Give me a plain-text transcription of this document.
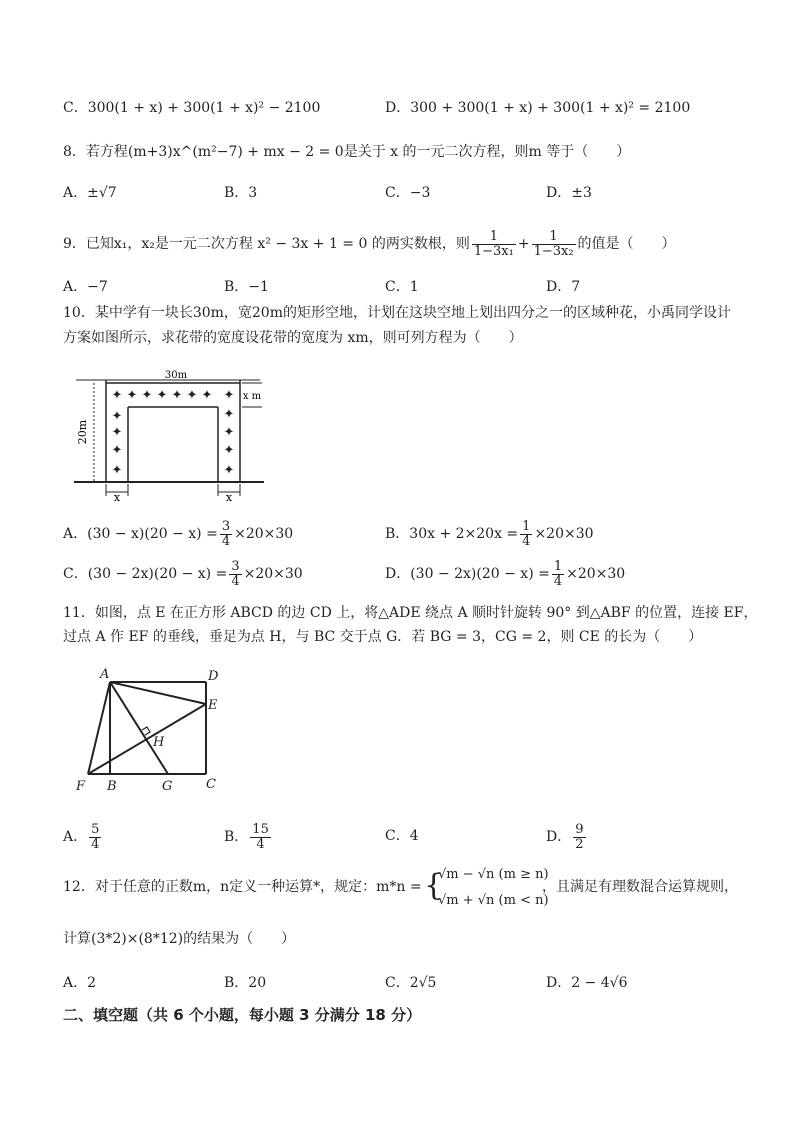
C．300(1 + x) + 300(1 + x)² − 2100	D．300 + 300(1 + x) + 300(1 + x)² = 2100
8．若方程(m+3)x^(m²−7) + mx − 2 = 0是关于 x 的一元二次方程，则m 等于（　　）
A．±√7	B．3	C．−3	D．±3
9．已知x₁，x₂是一元二次方程 x² − 3x + 1 = 0 的两实数根，则 $\frac{1}{\text{1−3x₁}} + \frac{1}{\text{1−3x₂}}$ 的值是（　　）
A．−7	B．−1	C．1	D．7
10．某中学有一块长30m，宽20m的矩形空地，计划在这块空地上划出四分之一的区域种花，小禹同学设计
方案如图所示，求花带的宽度设花带的宽度为 xm，则可列方程为（　　）
✦ ✦ ✦ ✦ ✦ ✦ ✦ ✦
✦
✦
✦
✦
✦
✦
✦
✦
30m
20m
x m
x	x
A．$(30 - x)(20 - x) = \frac{3}{4} \times 20\times 30$	B．$30x + 2\times 20x = \frac{1}{4} \times 20\times 30$
C．$(30 - 2x)(20 - x) = \frac{3}{4} \times 20\times 30$	D．$(30 - 2x)(20 - x) = \frac{1}{4} \times 20\times 30$
11．如图，点 E 在正方形 ABCD 的边 CD 上，将△ADE 绕点 A 顺时针旋转 90° 到△ABF 的位置，连接 EF，
过点 A 作 EF 的垂线，垂足为点 H，与 BC 交于点 G．若 BG = 3，CG = 2，则 CE 的长为（　　）
A	D
E
H
F B	G	C
A． $\frac{5}{4}$	B． $\frac{15}{4}$	C．4	D． $\frac{9}{2}$
12．对于任意的正数m，n定义一种运算*，规定：m*n = {
√m − √n (m ≥ n)
√m + √n (m < n)
，且满足有理数混合运算规则，
计算(3*2)×(8*12)的结果为（　　）
A．2	B．20	C．2√5	D．2 − 4√6
二、填空题（共 6 个小题，每小题 3 分满分 18 分）
